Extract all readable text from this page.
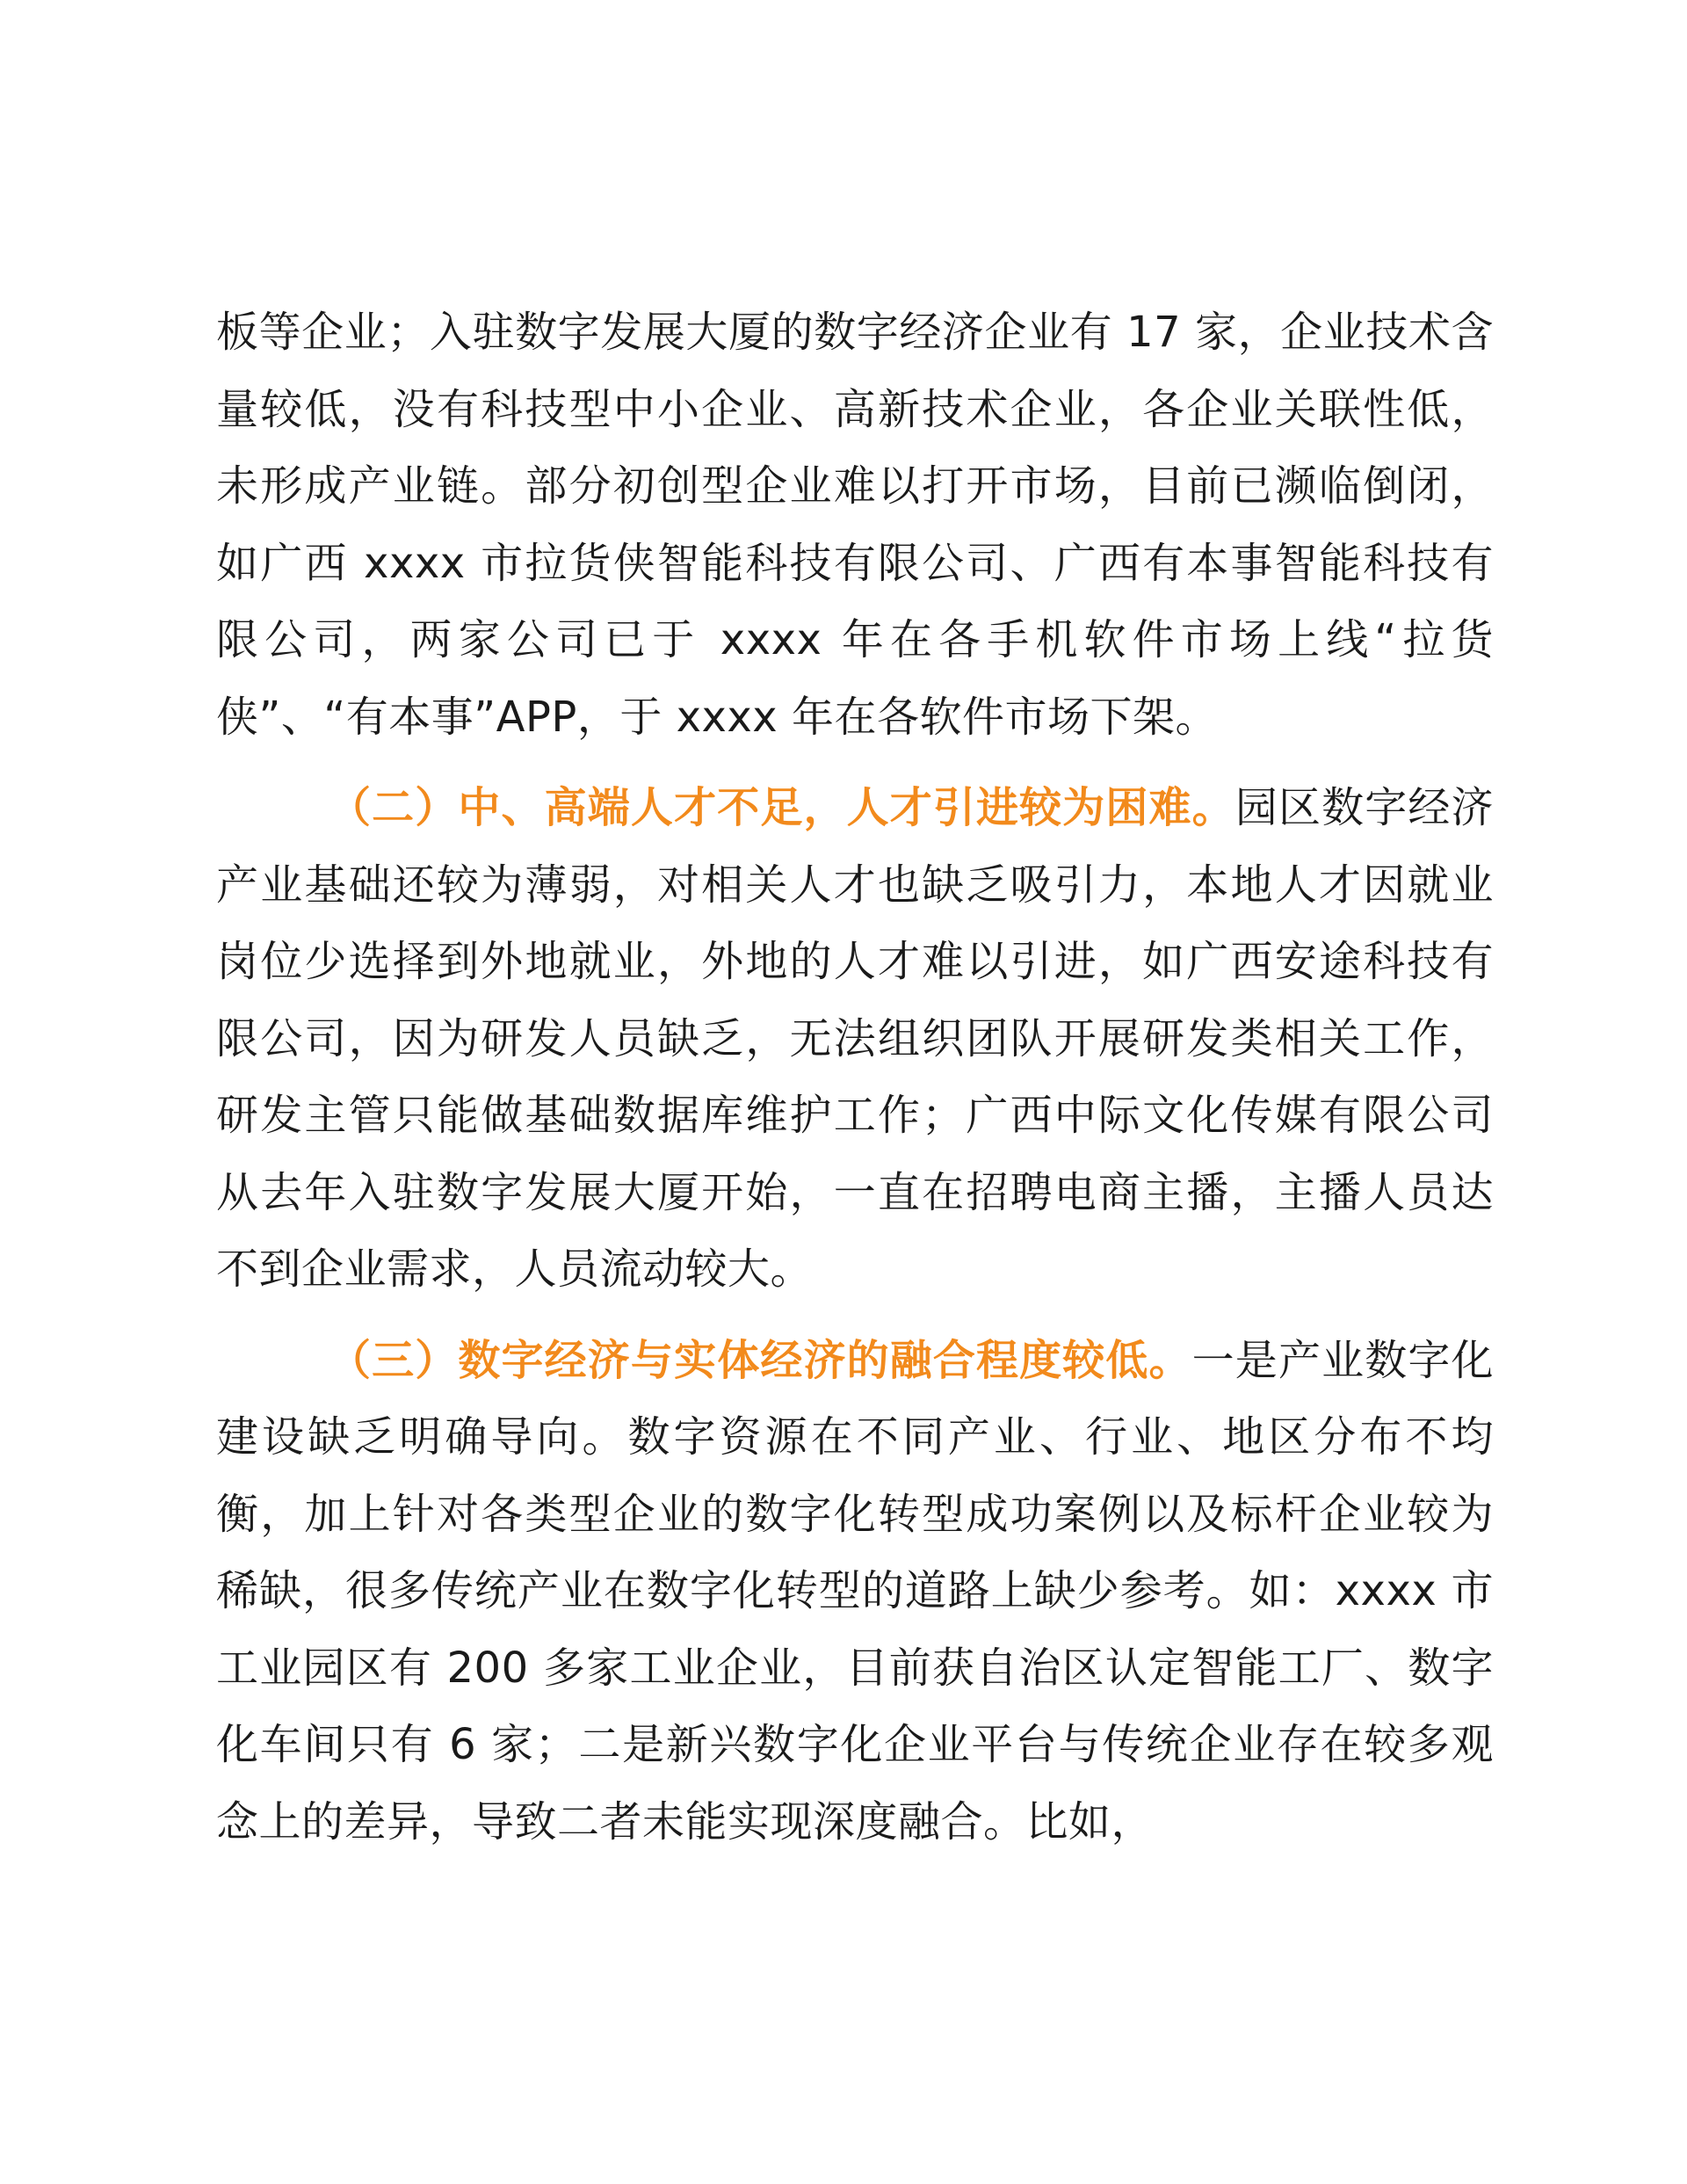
板等企业；入驻数字发展大厦的数字经济企业有 17 家，企业技术含量较低，没有科技型中小企业、高新技术企业，各企业关联性低，未形成产业链。部分初创型企业难以打开市场，目前已濒临倒闭，如广西 xxxx 市拉货侠智能科技有限公司、广西有本事智能科技有限公司，两家公司已于 xxxx 年在各手机软件市场上线“拉货侠”、“有本事”APP，于 xxxx 年在各软件市场下架。

（二）中、高端人才不足，人才引进较为困难。园区数字经济产业基础还较为薄弱，对相关人才也缺乏吸引力，本地人才因就业岗位少选择到外地就业，外地的人才难以引进，如广西安途科技有限公司，因为研发人员缺乏，无法组织团队开展研发类相关工作，研发主管只能做基础数据库维护工作；广西中际文化传媒有限公司从去年入驻数字发展大厦开始，一直在招聘电商主播，主播人员达不到企业需求，人员流动较大。

（三）数字经济与实体经济的融合程度较低。一是产业数字化建设缺乏明确导向。数字资源在不同产业、行业、地区分布不均衡，加上针对各类型企业的数字化转型成功案例以及标杆企业较为稀缺，很多传统产业在数字化转型的道路上缺少参考。如：xxxx 市工业园区有 200 多家工业企业，目前获自治区认定智能工厂、数字化车间只有 6 家；二是新兴数字化企业平台与传统企业存在较多观念上的差异，导致二者未能实现深度融合。比如，
